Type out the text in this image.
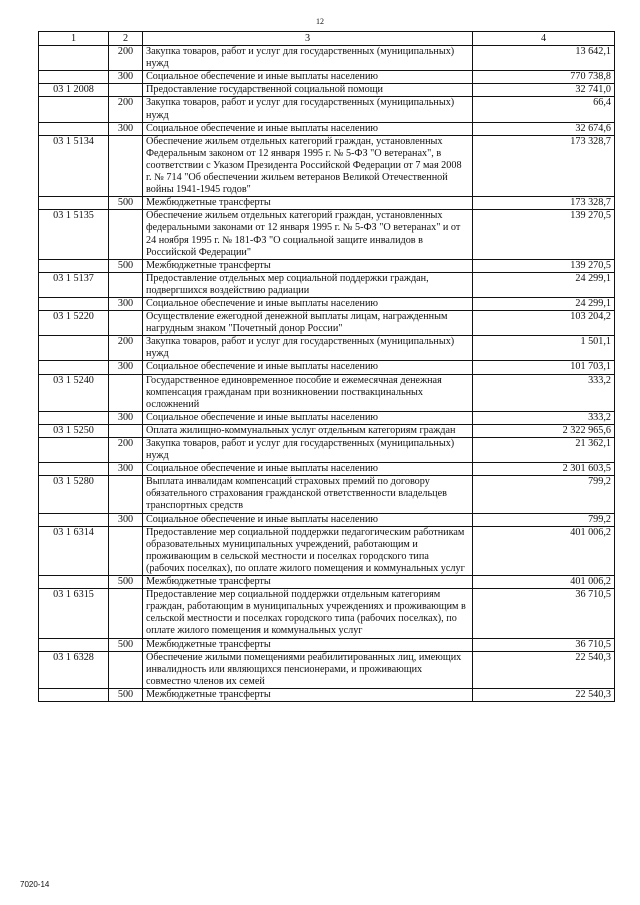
12
1	2	3	4
	200	Закупка товаров, работ и услуг для государственных (муниципальных) нужд	13 642,1
	300	Социальное обеспечение и иные выплаты населению	770 738,8
03 1 2008		Предоставление государственной социальной помощи	32 741,0
	200	Закупка товаров, работ и услуг для государственных (муниципальных) нужд	66,4
	300	Социальное обеспечение и иные выплаты населению	32 674,6
03 1 5134		Обеспечение жильем отдельных категорий граждан, установленных Федеральным законом от 12 января 1995 г. № 5-ФЗ "О ветеранах", в соответствии с Указом Президента Российской Федерации от 7 мая 2008 г. № 714 "Об обеспечении жильем ветеранов Великой Отечественной войны 1941-1945 годов"	173 328,7
	500	Межбюджетные трансферты	173 328,7
03 1 5135		Обеспечение жильем отдельных категорий граждан, установленных федеральными законами от 12 января 1995 г. № 5-ФЗ "О ветеранах" и от 24 ноября 1995 г. № 181-ФЗ "О социальной защите инвалидов в Российской Федерации"	139 270,5
	500	Межбюджетные трансферты	139 270,5
03 1 5137		Предоставление отдельных мер социальной поддержки граждан, подвергшихся воздействию радиации	24 299,1
	300	Социальное обеспечение и иные выплаты населению	24 299,1
03 1 5220		Осуществление ежегодной денежной выплаты лицам, награжденным нагрудным знаком "Почетный донор России"	103 204,2
	200	Закупка товаров, работ и услуг для государственных (муниципальных) нужд	1 501,1
	300	Социальное обеспечение и иные выплаты населению	101 703,1
03 1 5240		Государственное единовременное пособие и ежемесячная денежная компенсация гражданам при возникновении поствакцинальных осложнений	333,2
	300	Социальное обеспечение и иные выплаты населению	333,2
03 1 5250		Оплата жилищно-коммунальных услуг отдельным категориям граждан	2 322 965,6
	200	Закупка товаров, работ и услуг для государственных (муниципальных) нужд	21 362,1
	300	Социальное обеспечение и иные выплаты населению	2 301 603,5
03 1 5280		Выплата инвалидам компенсаций страховых премий по договору обязательного страхования гражданской ответственности владельцев транспортных средств	799,2
	300	Социальное обеспечение и иные выплаты населению	799,2
03 1 6314		Предоставление мер социальной поддержки педагогическим работникам образовательных муниципальных учреждений, работающим и проживающим в сельской местности и поселках городского типа (рабочих поселках), по оплате жилого помещения и коммунальных услуг	401 006,2
	500	Межбюджетные трансферты	401 006,2
03 1 6315		Предоставление мер социальной поддержки отдельным категориям граждан, работающим в муниципальных учреждениях и проживающим в сельской местности и поселках городского типа (рабочих поселках), по оплате жилого помещения и коммунальных услуг	36 710,5
	500	Межбюджетные трансферты	36 710,5
03 1 6328		Обеспечение жилыми помещениями реабилитированных лиц, имеющих инвалидность или являющихся пенсионерами, и проживающих совместно членов их семей	22 540,3
	500	Межбюджетные трансферты	22 540,3
7020-14
